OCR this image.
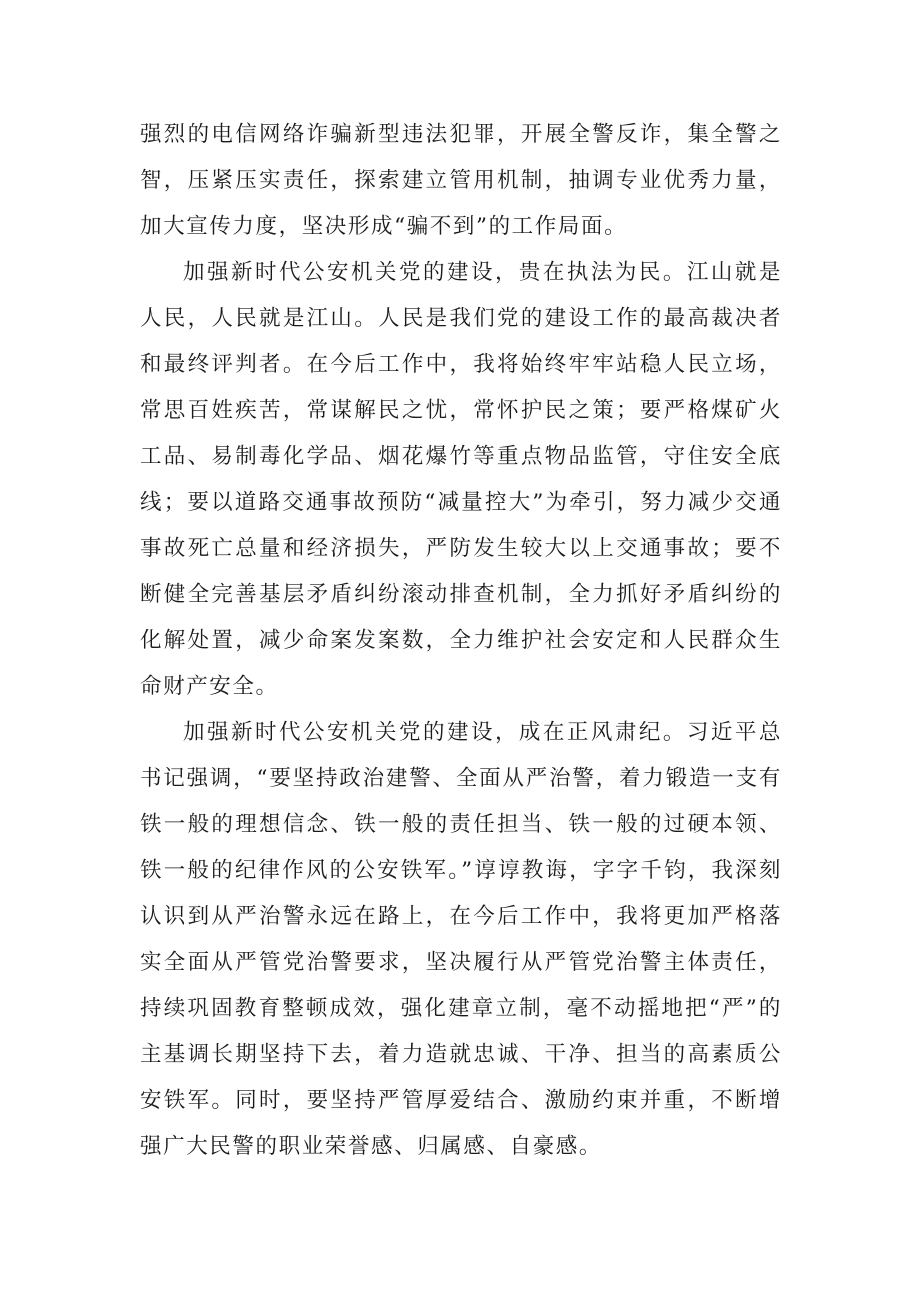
强烈的电信网络诈骗新型违法犯罪，开展全警反诈，集全警之智，压紧压实责任，探索建立管用机制，抽调专业优秀力量，加大宣传力度，坚决形成“骗不到”的工作局面。

加强新时代公安机关党的建设，贵在执法为民。江山就是人民，人民就是江山。人民是我们党的建设工作的最高裁决者和最终评判者。在今后工作中，我将始终牢牢站稳人民立场，常思百姓疾苦，常谋解民之忧，常怀护民之策；要严格煤矿火工品、易制毒化学品、烟花爆竹等重点物品监管，守住安全底线；要以道路交通事故预防“减量控大”为牵引，努力减少交通事故死亡总量和经济损失，严防发生较大以上交通事故；要不断健全完善基层矛盾纠纷滚动排查机制，全力抓好矛盾纠纷的化解处置，减少命案发案数，全力维护社会安定和人民群众生命财产安全。

加强新时代公安机关党的建设，成在正风肃纪。习近平总书记强调，“要坚持政治建警、全面从严治警，着力锻造一支有铁一般的理想信念、铁一般的责任担当、铁一般的过硬本领、铁一般的纪律作风的公安铁军。”谆谆教诲，字字千钧，我深刻认识到从严治警永远在路上，在今后工作中，我将更加严格落实全面从严管党治警要求，坚决履行从严管党治警主体责任，持续巩固教育整顿成效，强化建章立制，毫不动摇地把“严”的主基调长期坚持下去，着力造就忠诚、干净、担当的高素质公安铁军。同时，要坚持严管厚爱结合、激励约束并重，不断增强广大民警的职业荣誉感、归属感、自豪感。
